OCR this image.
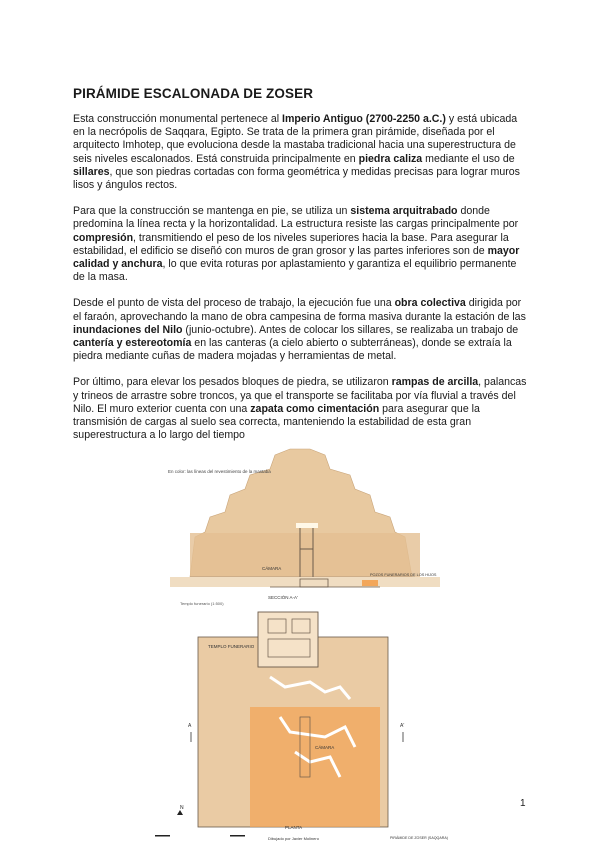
PIRÁMIDE ESCALONADA DE ZOSER

Esta construcción monumental pertenece al Imperio Antiguo (2700-2250 a.C.) y está ubicada en la necrópolis de Saqqara, Egipto. Se trata de la primera gran pirámide, diseñada por el arquitecto Imhotep, que evoluciona desde la mastaba tradicional hacia una superestructura de seis niveles escalonados. Está construida principalmente en piedra caliza mediante el uso de sillares, que son piedras cortadas con forma geométrica y medidas precisas para lograr muros lisos y ángulos rectos.

Para que la construcción se mantenga en pie, se utiliza un sistema arquitrabado donde predomina la línea recta y la horizontalidad. La estructura resiste las cargas principalmente por compresión, transmitiendo el peso de los niveles superiores hacia la base. Para asegurar la estabilidad, el edificio se diseñó con muros de gran grosor y las partes inferiores son de mayor calidad y anchura, lo que evita roturas por aplastamiento y garantiza el equilibrio permanente de la masa.

Desde el punto de vista del proceso de trabajo, la ejecución fue una obra colectiva dirigida por el faraón, aprovechando la mano de obra campesina de forma masiva durante la estación de las inundaciones del Nilo (junio-octubre). Antes de colocar los sillares, se realizaba un trabajo de cantería y estereotomía en las canteras (a cielo abierto o subterráneas), donde se extraía la piedra mediante cuñas de madera mojadas y herramientas de metal.

Por último, para elevar los pesados bloques de piedra, se utilizaron rampas de arcilla, palancas y trineos de arrastre sobre troncos, ya que el transporte se facilitaba por vía fluvial a través del Nilo. El muro exterior cuenta con una zapata como cimentación para asegurar que la transmisión de cargas al suelo sea correcta, manteniendo la estabilidad de esta gran superestructura a lo largo del tiempo

En color: las líneas del revestimiento de la mastaba
CÁMARA
POZOS FUNERARIOS DE LOS HIJOS
SECCIÓN A-A'
Templo funerario (1:500)
TEMPLO FUNERARIO
CÁMARA
A	A'
N
PLANTA
Dibujado por Javier Molinero	PIRÁMIDE DE ZOSER (SAQQARA)
1
